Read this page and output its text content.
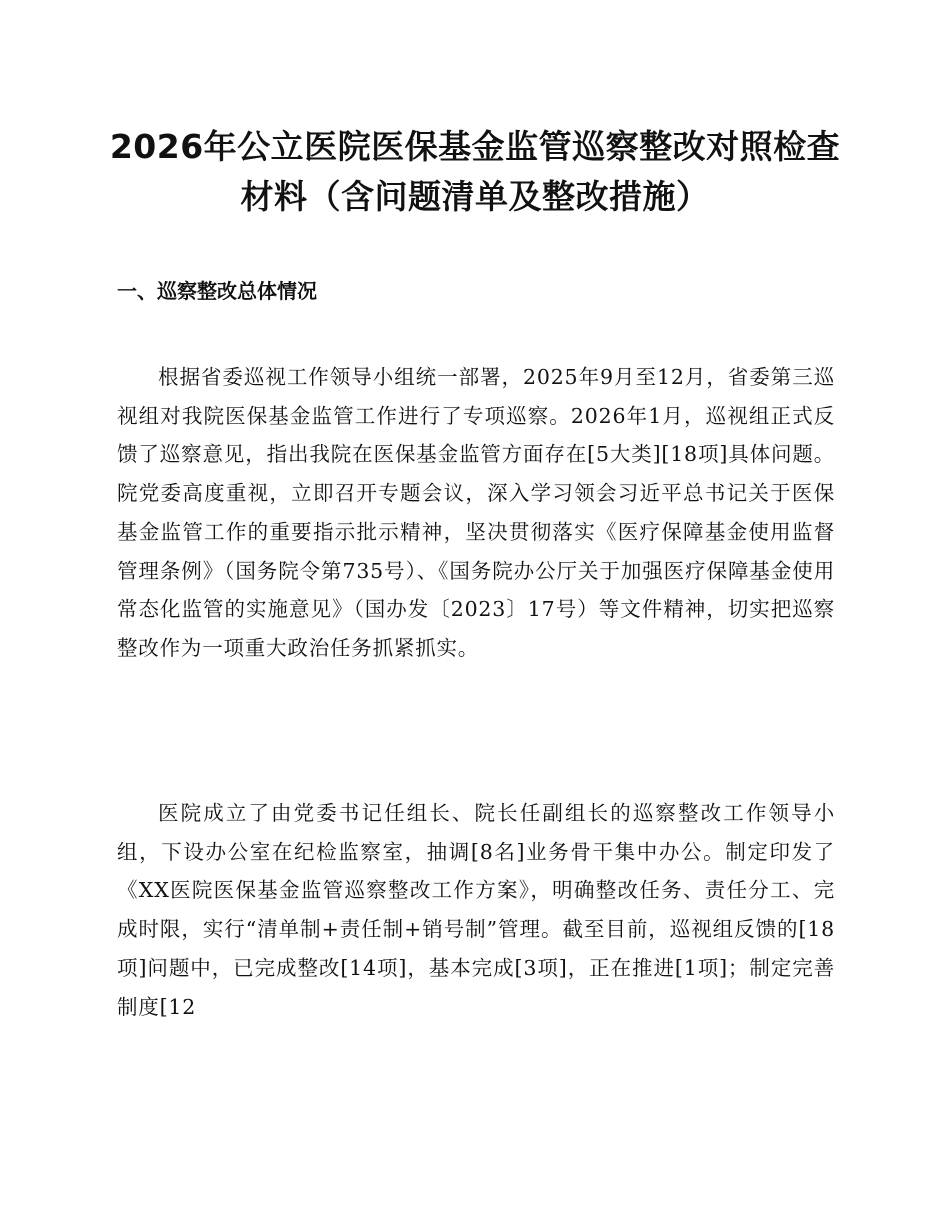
2026年公立医院医保基金监管巡察整改对照检查材料（含问题清单及整改措施）
一、巡察整改总体情况

根据省委巡视工作领导小组统一部署，2025年9月至12月，省委第三巡视组对我院医保基金监管工作进行了专项巡察。2026年1月，巡视组正式反馈了巡察意见，指出我院在医保基金监管方面存在[5大类][18项]具体问题。院党委高度重视，立即召开专题会议，深入学习领会习近平总书记关于医保基金监管工作的重要指示批示精神，坚决贯彻落实《医疗保障基金使用监督管理条例》（国务院令第735号）、《国务院办公厅关于加强医疗保障基金使用常态化监管的实施意见》（国办发〔2023〕17号）等文件精神，切实把巡察整改作为一项重大政治任务抓紧抓实。

医院成立了由党委书记任组长、院长任副组长的巡察整改工作领导小组，下设办公室在纪检监察室，抽调[8名]业务骨干集中办公。制定印发了《XX医院医保基金监管巡察整改工作方案》，明确整改任务、责任分工、完成时限，实行“清单制+责任制+销号制”管理。截至目前，巡视组反馈的[18项]问题中，已完成整改[14项]，基本完成[3项]，正在推进[1项]；制定完善制度[12
